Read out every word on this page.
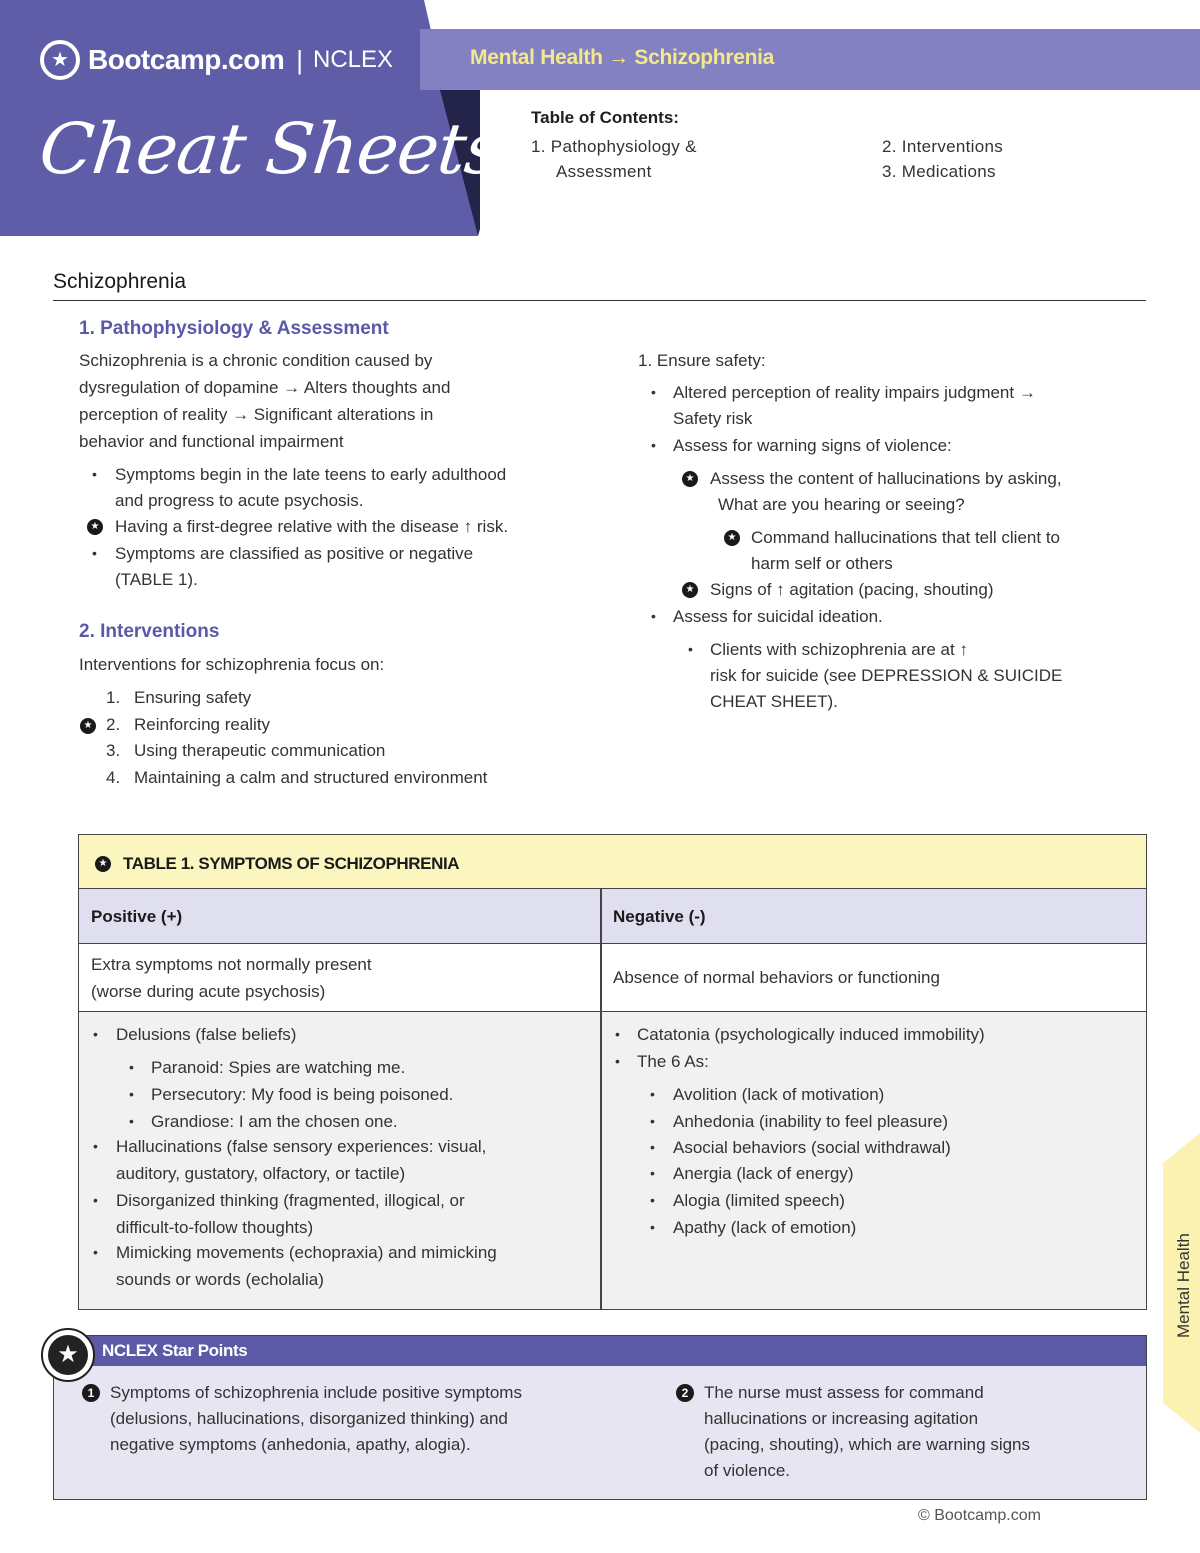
★ Bootcamp.com | NCLEX
Cheat Sheets
Mental Health → Schizophrenia
Table of Contents:
1. Pathophysiology &
Assessment
2. Interventions
3. Medications
Schizophrenia
1. Pathophysiology & Assessment
Schizophrenia is a chronic condition caused by
dysregulation of dopamine → Alters thoughts and
perception of reality → Significant alterations in
behavior and functional impairment
• Symptoms begin in the late teens to early adulthood
and progress to acute psychosis.
★ Having a first-degree relative with the disease ↑ risk.
• Symptoms are classified as positive or negative
(TABLE 1).
2. Interventions
Interventions for schizophrenia focus on:
1. Ensuring safety
★ 2. Reinforcing reality
3. Using therapeutic communication
4. Maintaining a calm and structured environment
1. Ensure safety:
• Altered perception of reality impairs judgment →
Safety risk
• Assess for warning signs of violence:
★ Assess the content of hallucinations by asking,
What are you hearing or seeing?
★ Command hallucinations that tell client to
harm self or others
★ Signs of ↑ agitation (pacing, shouting)
• Assess for suicidal ideation.
• Clients with schizophrenia are at ↑
risk for suicide (see DEPRESSION & SUICIDE
CHEAT SHEET).
★ TABLE 1. SYMPTOMS OF SCHIZOPHRENIA
Positive (+)	Negative (-)
Extra symptoms not normally present
(worse during acute psychosis)
Absence of normal behaviors or functioning
• Delusions (false beliefs)
• Paranoid: Spies are watching me.
• Persecutory: My food is being poisoned.
• Grandiose: I am the chosen one.
• Hallucinations (false sensory experiences: visual,
auditory, gustatory, olfactory, or tactile)
• Disorganized thinking (fragmented, illogical, or
difficult-to-follow thoughts)
• Mimicking movements (echopraxia) and mimicking
sounds or words (echolalia)
• Catatonia (psychologically induced immobility)
• The 6 As:
• Avolition (lack of motivation)
• Anhedonia (inability to feel pleasure)
• Asocial behaviors (social withdrawal)
• Anergia (lack of energy)
• Alogia (limited speech)
• Apathy (lack of emotion)
NCLEX Star Points
1 Symptoms of schizophrenia include positive symptoms
(delusions, hallucinations, disorganized thinking) and
negative symptoms (anhedonia, apathy, alogia).
2 The nurse must assess for command
hallucinations or increasing agitation
(pacing, shouting), which are warning signs
of violence.
★
Mental Health
© Bootcamp.com
